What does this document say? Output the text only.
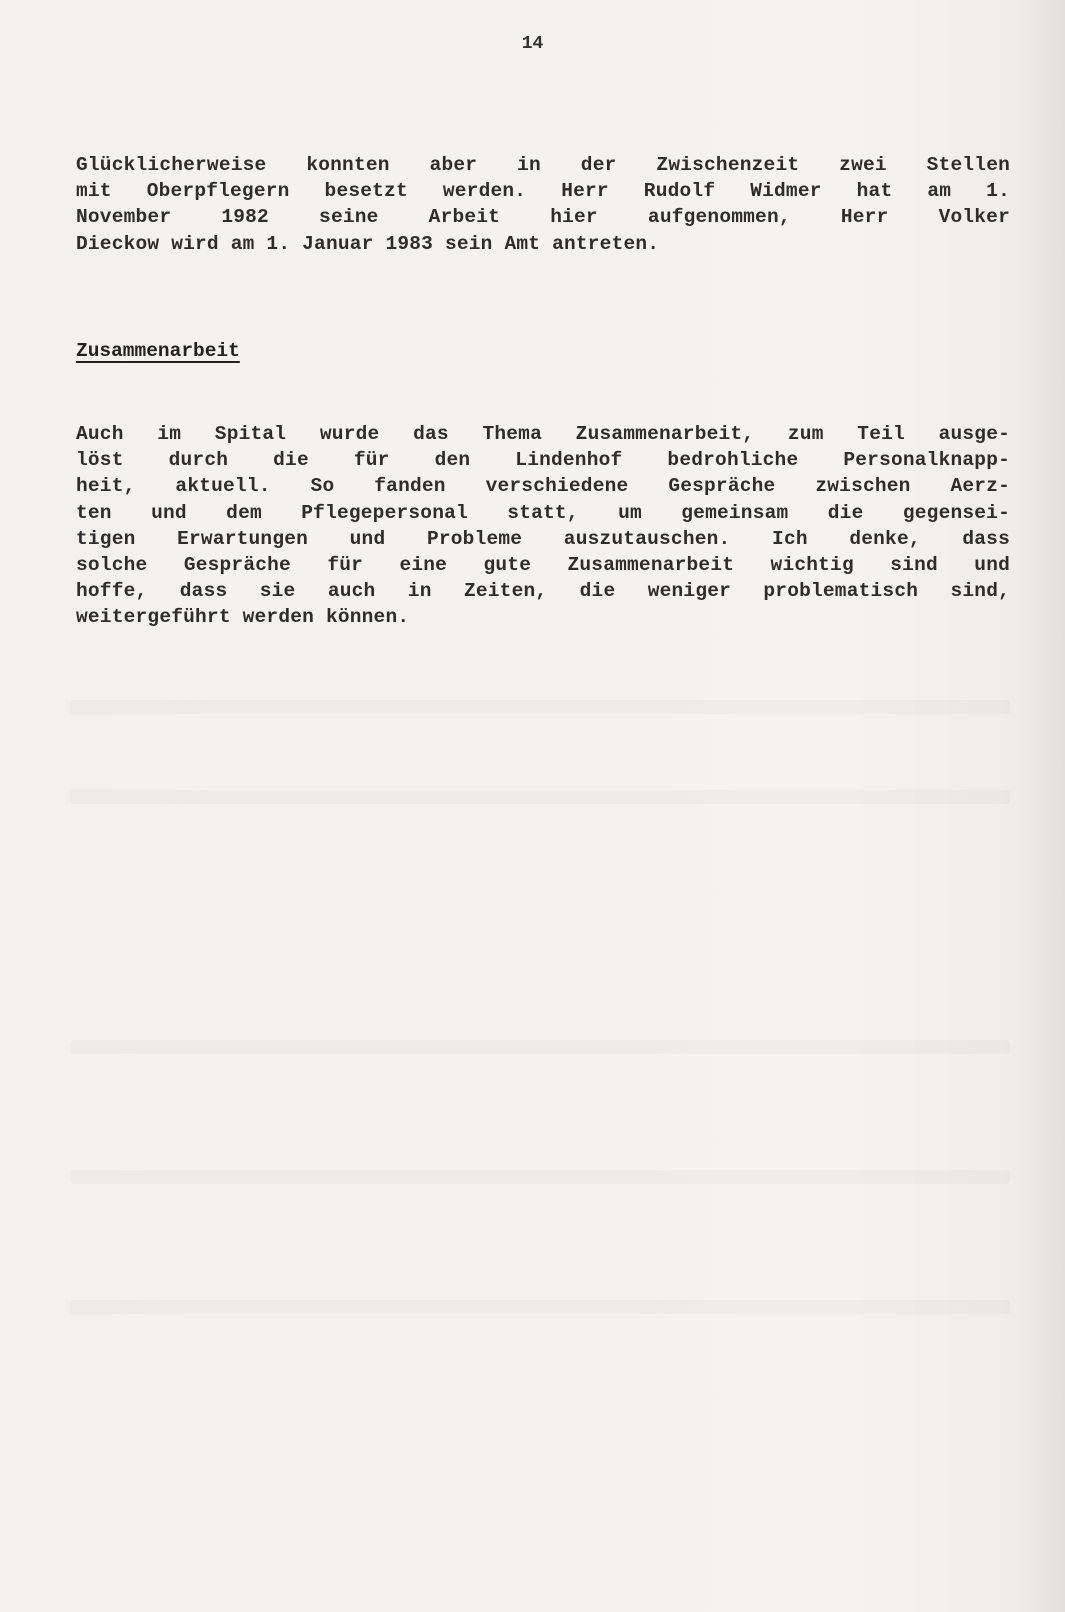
14
Glücklicherweise konnten aber in der Zwischenzeit zwei Stellen
mit Oberpflegern besetzt werden. Herr Rudolf Widmer hat am 1.
November 1982 seine Arbeit hier aufgenommen, Herr Volker
Dieckow wird am 1. Januar 1983 sein Amt antreten.
Zusammenarbeit
Auch im Spital wurde das Thema Zusammenarbeit, zum Teil ausge-
löst durch die für den Lindenhof bedrohliche Personalknapp-
heit, aktuell. So fanden verschiedene Gespräche zwischen Aerz-
ten und dem Pflegepersonal statt, um gemeinsam die gegensei-
tigen Erwartungen und Probleme auszutauschen. Ich denke, dass
solche Gespräche für eine gute Zusammenarbeit wichtig sind und
hoffe, dass sie auch in Zeiten, die weniger problematisch sind,
weitergeführt werden können.
